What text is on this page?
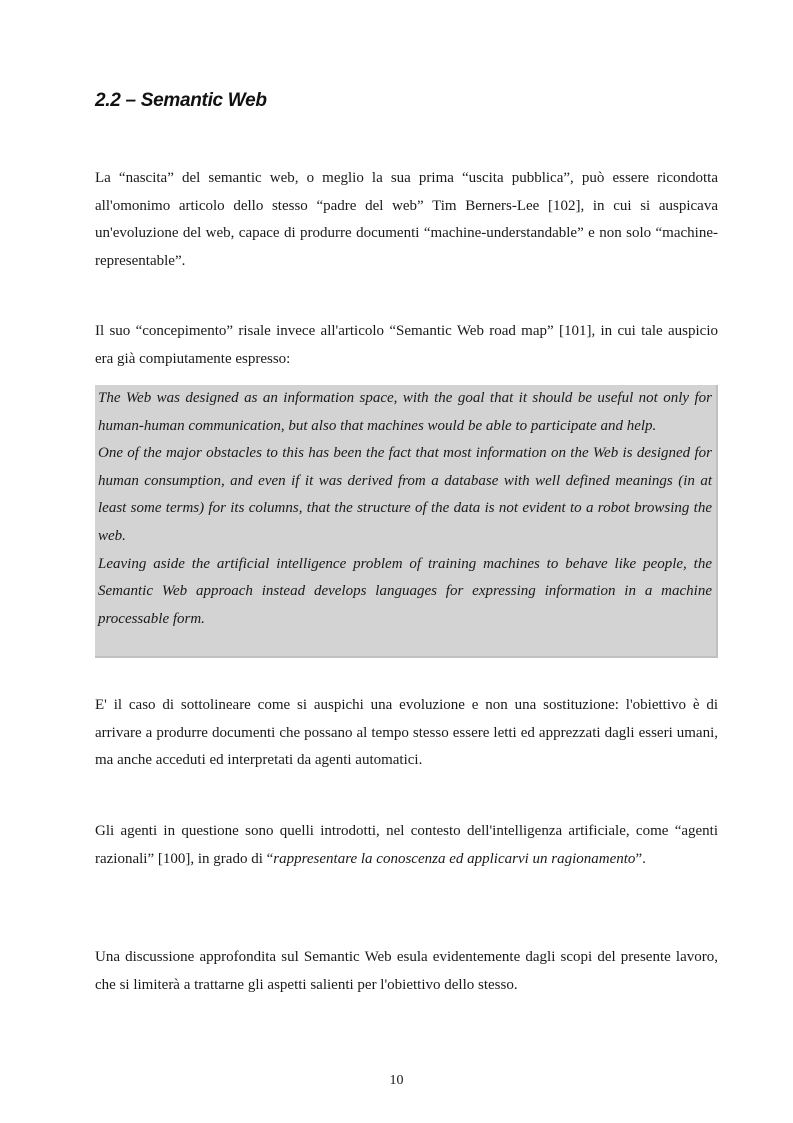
2.2 – Semantic Web

La “nascita” del semantic web, o meglio la sua prima “uscita pubblica”, può essere ricondotta all'omonimo articolo dello stesso “padre del web” Tim Berners-Lee [102], in cui si auspicava un'evoluzione del web, capace di produrre documenti “machine-understandable” e non solo “machine-representable”.

Il suo “concepimento” risale invece all'articolo “Semantic Web road map” [101], in cui tale auspicio era già compiutamente espresso:

The Web was designed as an information space, with the goal that it should be useful not only for human-human communication, but also that machines would be able to participate and help.

One of the major obstacles to this has been the fact that most information on the Web is designed for human consumption, and even if it was derived from a database with well defined meanings (in at least some terms) for its columns, that the structure of the data is not evident to a robot browsing the web.

Leaving aside the artificial intelligence problem of training machines to behave like people, the Semantic Web approach instead develops languages for expressing information in a machine processable form.

E' il caso di sottolineare come si auspichi una evoluzione e non una sostituzione: l'obiettivo è di arrivare a produrre documenti che possano al tempo stesso essere letti ed apprezzati dagli esseri umani, ma anche acceduti ed interpretati da agenti automatici.

Gli agenti in questione sono quelli introdotti, nel contesto dell'intelligenza artificiale, come “agenti razionali” [100], in grado di “rappresentare la conoscenza ed applicarvi un ragionamento”.

Una discussione approfondita sul Semantic Web esula evidentemente dagli scopi del presente lavoro, che si limiterà a trattarne gli aspetti salienti per l'obiettivo dello stesso.

10
